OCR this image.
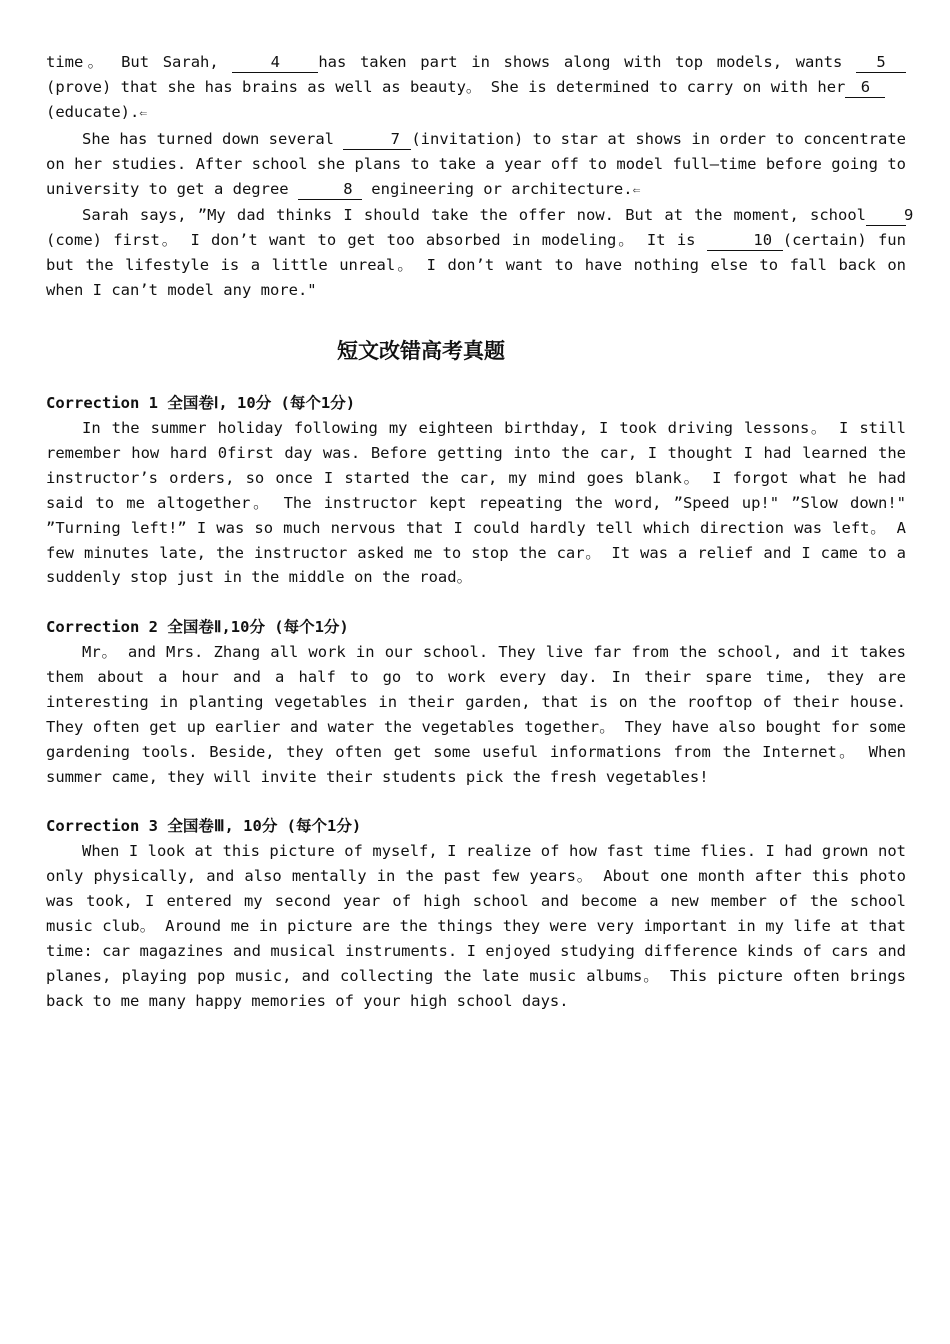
time。 But Sarah, 4 has taken part in shows along with top models, wants 5 (prove) that she has brains as well as beauty。 She is determined to carry on with her 6
(educate).⇐

She has turned down several	7 (invitation) to star at shows in order to concentrate on her studies. After school she plans to take a year off to model full—time before going to university to get a degree	8 engineering or architecture.⇐

Sarah says, ”My dad thinks I should take the offer now. But at the moment, school 9 (come) first。 I don’t want to get too absorbed in modeling。 It is	10 (certain) fun but the lifestyle is a little unreal。 I don’t want to have nothing else to fall back on when I can’t model any more."

短文改错高考真题

Correction 1 全国卷Ⅰ, 10分 (每个1分)

In the summer holiday following my eighteen birthday, I took driving lessons。 I still remember how hard 0first day was. Before getting into the car, I thought I had learned the instructor’s orders, so once I started the car, my mind goes blank。 I forgot what he had said to me altogether。 The instructor kept repeating the word, ”Speed up!" ”Slow down!" ”Turning left!” I was so much nervous that I could hardly tell which direction was left。 A few minutes late, the instructor asked me to stop the car。 It was a relief and I came to a suddenly stop just in the middle on the road。

Correction 2 全国卷Ⅱ,10分 (每个1分)

Mr。 and Mrs. Zhang all work in our school. They live far from the school, and it takes them about a hour and a half to go to work every day. In their spare time, they are interesting in planting vegetables in their garden, that is on the rooftop of their house. They often get up earlier and water the vegetables together。 They have also bought for some gardening tools. Beside, they often get some useful informations from the Internet。 When summer came, they will invite their students pick the fresh vegetables!

Correction 3 全国卷Ⅲ, 10分 (每个1分)

When I look at this picture of myself, I realize of how fast time flies. I had grown not only physically, and also mentally in the past few years。 About one month after this photo was took, I entered my second year of high school and become a new member of the school music club。 Around me in picture are the things they were very important in my life at that time: car magazines and musical instruments. I enjoyed studying difference kinds of cars and planes, playing pop music, and collecting the late music albums。 This picture often brings back to me many happy memories of your high school days.
